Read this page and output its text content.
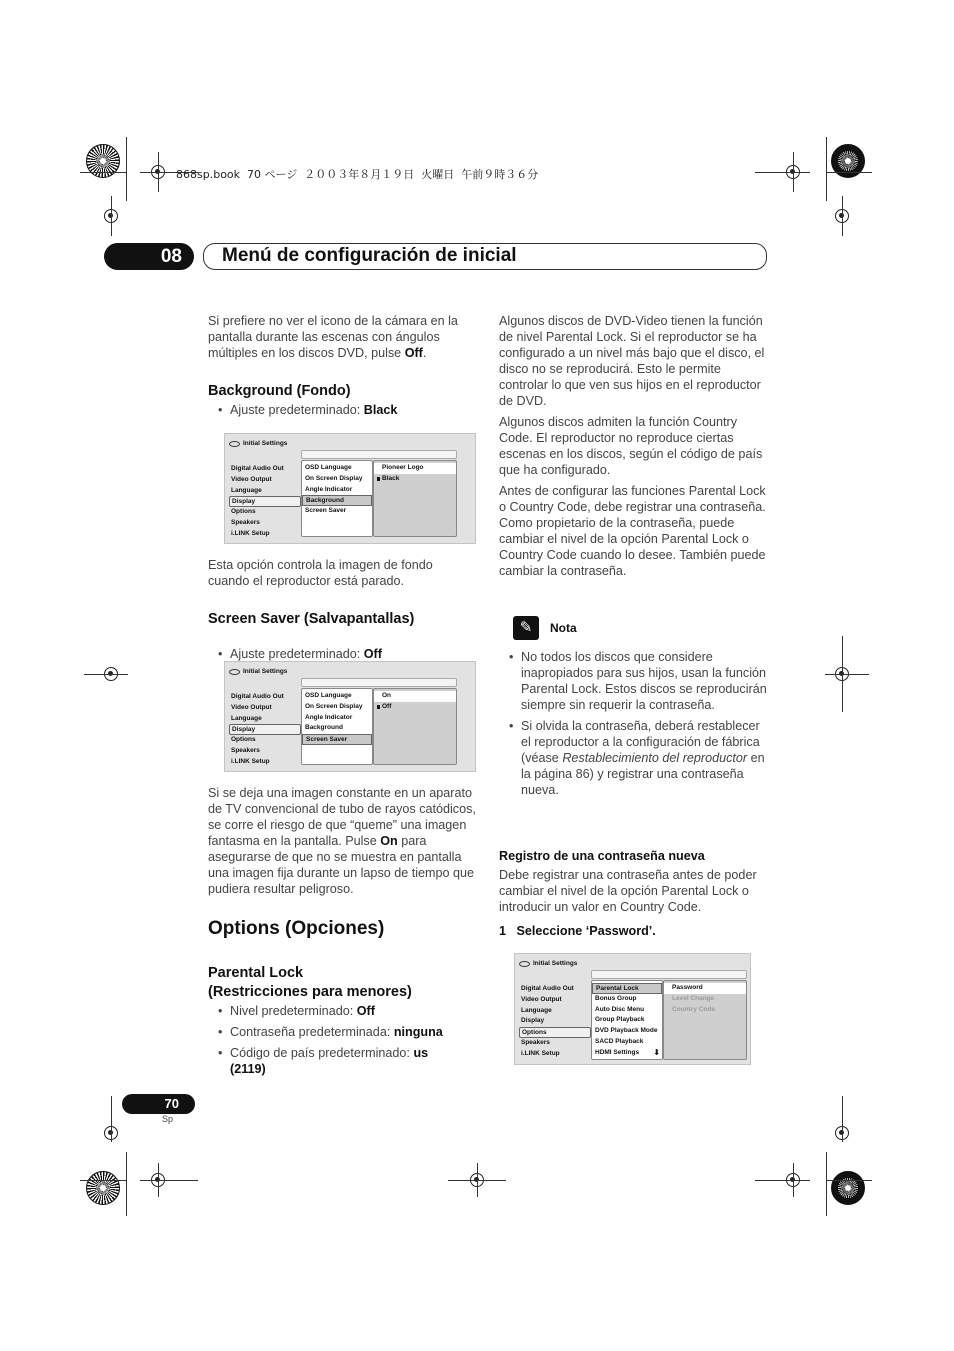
868sp.book  70 ページ  ２００３年８月１９日  火曜日  午前９時３６分
08	Menú de configuración de inicial

Si prefiere no ver el icono de la cámara en la pantalla durante las escenas con ángulos múltiples en los discos DVD, pulse Off.

Background (Fondo)
• Ajuste predeterminado: Black
Initial Settings
Digital Audio Out
Video Output
Language
Display
Options
Speakers
i.LINK Setup
OSD Language
On Screen Display
Angle Indicator
Background
Screen Saver
Pioneer Logo
Black

Esta opción controla la imagen de fondo cuando el reproductor está parado.

Screen Saver (Salvapantallas)
• Ajuste predeterminado: Off
Initial Settings
Digital Audio Out
Video Output
Language
Display
Options
Speakers
i.LINK Setup
OSD Language
On Screen Display
Angle Indicator
Background
Screen Saver
On
Off

Si se deja una imagen constante en un aparato de TV convencional de tubo de rayos catódicos, se corre el riesgo de que “queme” una imagen fantasma en la pantalla. Pulse On para asegurarse de que no se muestra en pantalla una imagen fija durante un lapso de tiempo que pudiera resultar peligroso.

Options (Opciones)
Parental Lock
(Restricciones para menores)
• Nivel predeterminado: Off
• Contraseña predeterminada: ninguna
• Código de país predeterminado: us (2119)

Algunos discos de DVD-Video tienen la función de nivel Parental Lock. Si el reproductor se ha configurado a un nivel más bajo que el disco, el disco no se reproducirá. Esto le permite controlar lo que ven sus hijos en el reproductor de DVD.

Algunos discos admiten la función Country Code. El reproductor no reproduce ciertas escenas en los discos, según el código de país que ha configurado.

Antes de configurar las funciones Parental Lock o Country Code, debe registrar una contraseña. Como propietario de la contraseña, puede cambiar el nivel de la opción Parental Lock o Country Code cuando lo desee. También puede cambiar la contraseña.

✎	Nota
• No todos los discos que considere inapropiados para sus hijos, usan la función Parental Lock. Estos discos se reproducirán siempre sin requerir la contraseña.
• Si olvida la contraseña, deberá restablecer el reproductor a la configuración de fábrica (véase Restablecimiento del reproductor en la página 86) y registrar una contraseña nueva.
Registro de una contraseña nueva

Debe registrar una contraseña antes de poder cambiar el nivel de la opción Parental Lock o introducir un valor en Country Code.

1   Seleccione ‘Password’.
Initial Settings
Digital Audio Out
Video Output
Language
Display
Options
Speakers
i.LINK Setup
Parental Lock
Bonus Group
Auto Disc Menu
Group Playback
DVD Playback Mode
SACD Playback
HDMI Settings ⬇
Password
Level Change
Country Code
70
Sp
